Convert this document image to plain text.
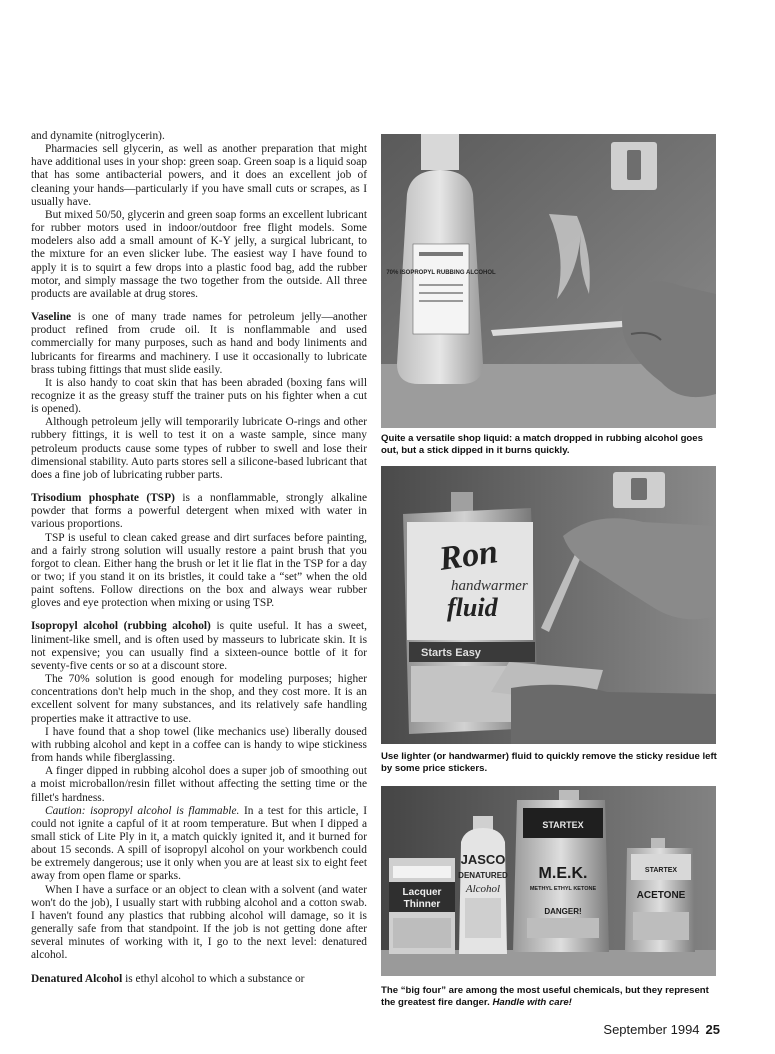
and dynamite (nitroglycerin).

Pharmacies sell glycerin, as well as another preparation that might have additional uses in your shop: green soap. Green soap is a liquid soap that has some antibacterial powers, and it does an excellent job of cleaning your hands—particularly if you have small cuts or scrapes, as I usually have.

But mixed 50/50, glycerin and green soap forms an excellent lubricant for rubber motors used in indoor/outdoor free flight models. Some modelers also add a small amount of K-Y jelly, a surgical lubricant, to the mixture for an even slicker lube. The easiest way I have found to apply it is to squirt a few drops into a plastic food bag, add the rubber motor, and simply massage the two together from the outside. All three products are available at drug stores.

Vaseline is one of many trade names for petroleum jelly—another product refined from crude oil. It is nonflammable and used commercially for many purposes, such as hand and body liniments and lubricants for firearms and machinery. I use it occasionally to lubricate brass tubing fittings that must slide easily.

It is also handy to coat skin that has been abraded (boxing fans will recognize it as the greasy stuff the trainer puts on his fighter when a cut is opened).

Although petroleum jelly will temporarily lubricate O-rings and other rubbery fittings, it is well to test it on a waste sample, since many petroleum products cause some types of rubber to swell and lose their dimensional stability. Auto parts stores sell a silicone-based lubricant that does a fine job of lubricating rubber parts.

Trisodium phosphate (TSP) is a nonflammable, strongly alkaline powder that forms a powerful detergent when mixed with water in various proportions.

TSP is useful to clean caked grease and dirt surfaces before painting, and a fairly strong solution will usually restore a paint brush that you forgot to clean. Either hang the brush or let it lie flat in the TSP for a day or two; if you stand it on its bristles, it could take a “set” when the old paint softens. Follow directions on the box and always wear rubber gloves and eye protection when mixing or using TSP.

Isopropyl alcohol (rubbing alcohol) is quite useful. It has a sweet, liniment-like smell, and is often used by masseurs to lubricate skin. It is not expensive; you can usually find a sixteen-ounce bottle of it for seventy-five cents or so at a discount store.

The 70% solution is good enough for modeling purposes; higher concentrations don't help much in the shop, and they cost more. It is an excellent solvent for many substances, and its relatively safe handling properties make it attractive to use.

I have found that a shop towel (like mechanics use) liberally doused with rubbing alcohol and kept in a coffee can is handy to wipe stickiness from hands while fiberglassing.

A finger dipped in rubbing alcohol does a super job of smoothing out a moist microballon/resin fillet without affecting the setting time or the fillet's hardness.

Caution: isopropyl alcohol is flammable. In a test for this article, I could not ignite a capful of it at room temperature. But when I dipped a small stick of Lite Ply in it, a match quickly ignited it, and it burned for about 15 seconds. A spill of isopropyl alcohol on your workbench could be extremely dangerous; use it only when you are at least six to eight feet away from open flame or sparks.

When I have a surface or an object to clean with a solvent (and water won't do the job), I usually start with rubbing alcohol and a cotton swab. I haven't found any plastics that rubbing alcohol will damage, so it is generally safe from that standpoint. If the job is not getting done after several minutes of working with it, I go to the next level: denatured alcohol.

Denatured Alcohol is ethyl alcohol to which a substance or

70% ISOPROPYL RUBBING ALCOHOL
Quite a versatile shop liquid: a match dropped in rubbing alcohol goes out, but a stick dipped in it burns quickly.
Ron
handwarmer
fluid
Starts Easy
Use lighter (or handwarmer) fluid to quickly remove the sticky residue left by some price stickers.
Lacquer
Thinner
JASCO
DENATURED
Alcohol
STARTEX
M.E.K.
METHYL ETHYL KETONE
DANGER!
STARTEX
ACETONE
The “big four” are among the most useful chemicals, but they represent the greatest fire danger. Handle with care!
September 1994 25
